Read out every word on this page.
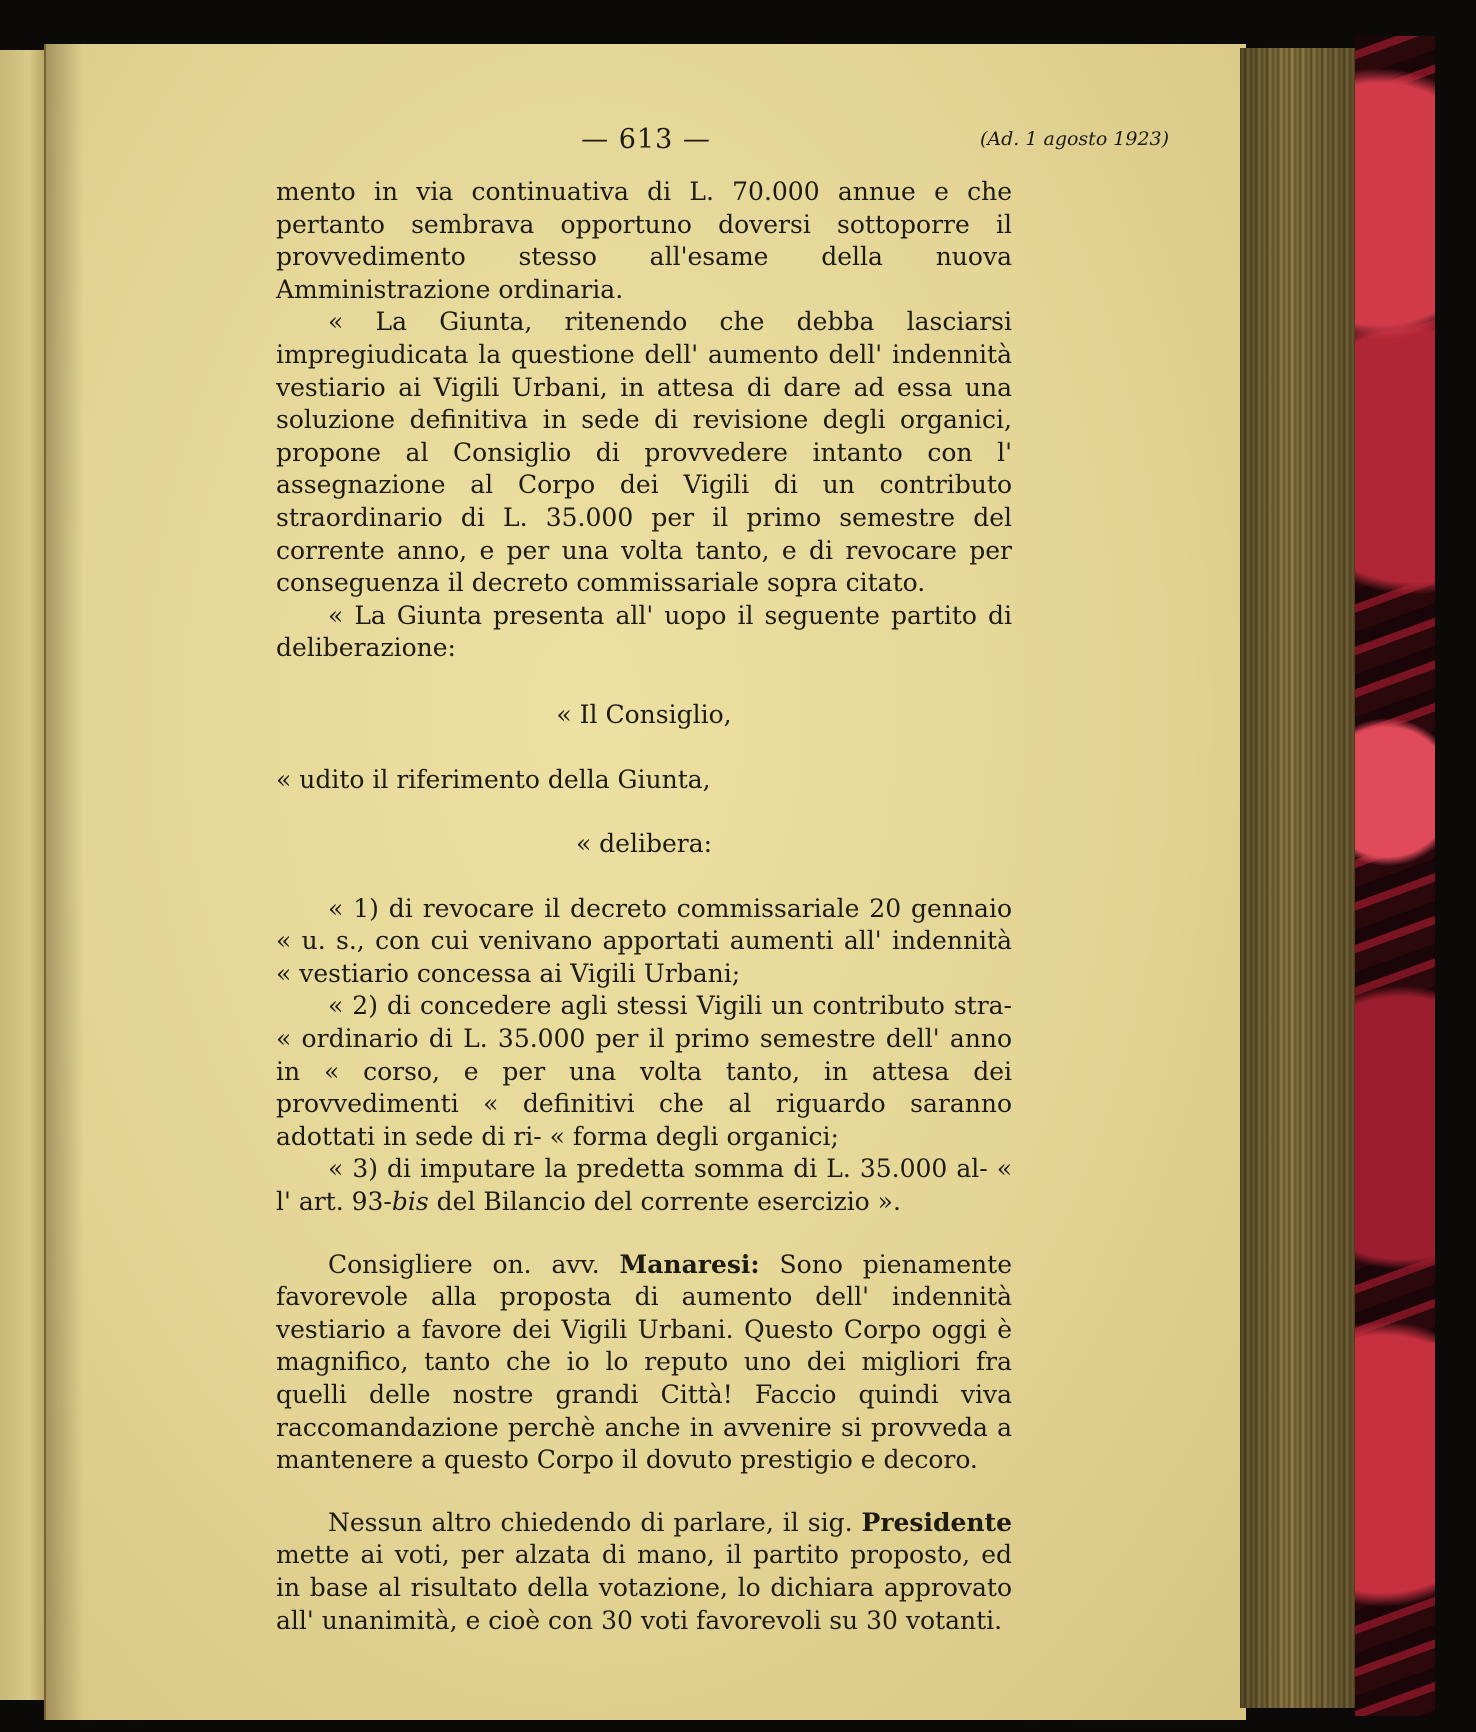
— 613 —	(Ad. 1 agosto 1923)

mento in via continuativa di L. 70.000 annue e che pertanto sembrava opportuno doversi sottoporre il provvedimento stesso all'esame della nuova Amministrazione ordinaria.

« La Giunta, ritenendo che debba lasciarsi impregiudicata la questione dell' aumento dell' indennità vestiario ai Vigili Urbani, in attesa di dare ad essa una soluzione definitiva in sede di revisione degli organici, propone al Consiglio di provvedere intanto con l' assegnazione al Corpo dei Vigili di un contributo straordinario di L. 35.000 per il primo semestre del corrente anno, e per una volta tanto, e di revocare per conseguenza il decreto commissariale sopra citato.

« La Giunta presenta all' uopo il seguente partito di deliberazione:

« Il Consiglio,

« udito il riferimento della Giunta,

« delibera:

« 1) di revocare il decreto commissariale 20 gennaio « u. s., con cui venivano apportati aumenti all' indennità « vestiario concessa ai Vigili Urbani;

« 2) di concedere agli stessi Vigili un contributo stra- « ordinario di L. 35.000 per il primo semestre dell' anno in « corso, e per una volta tanto, in attesa dei provvedimenti « definitivi che al riguardo saranno adottati in sede di ri- « forma degli organici;

« 3) di imputare la predetta somma di L. 35.000 al- « l' art. 93-bis del Bilancio del corrente esercizio ».

Consigliere on. avv. Manaresi: Sono pienamente favorevole alla proposta di aumento dell' indennità vestiario a favore dei Vigili Urbani. Questo Corpo oggi è magnifico, tanto che io lo reputo uno dei migliori fra quelli delle nostre grandi Città! Faccio quindi viva raccomandazione perchè anche in avvenire si provveda a mantenere a questo Corpo il dovuto prestigio e decoro.

Nessun altro chiedendo di parlare, il sig. Presidente mette ai voti, per alzata di mano, il partito proposto, ed in base al risultato della votazione, lo dichiara approvato all' unanimità, e cioè con 30 voti favorevoli su 30 votanti.
